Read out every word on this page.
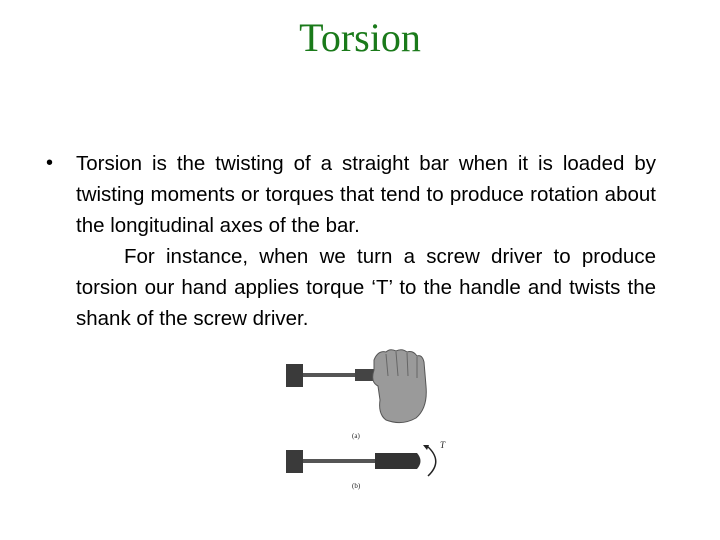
Torsion
• Torsion is the twisting of a straight bar when it is loaded by twisting moments or torques that tend to produce rotation about the longitudinal axes of the bar.

For instance, when we turn a screw driver to produce torsion our hand applies torque ‘T’ to the handle and twists the shank of the screw driver.

(a)
T
(b)
